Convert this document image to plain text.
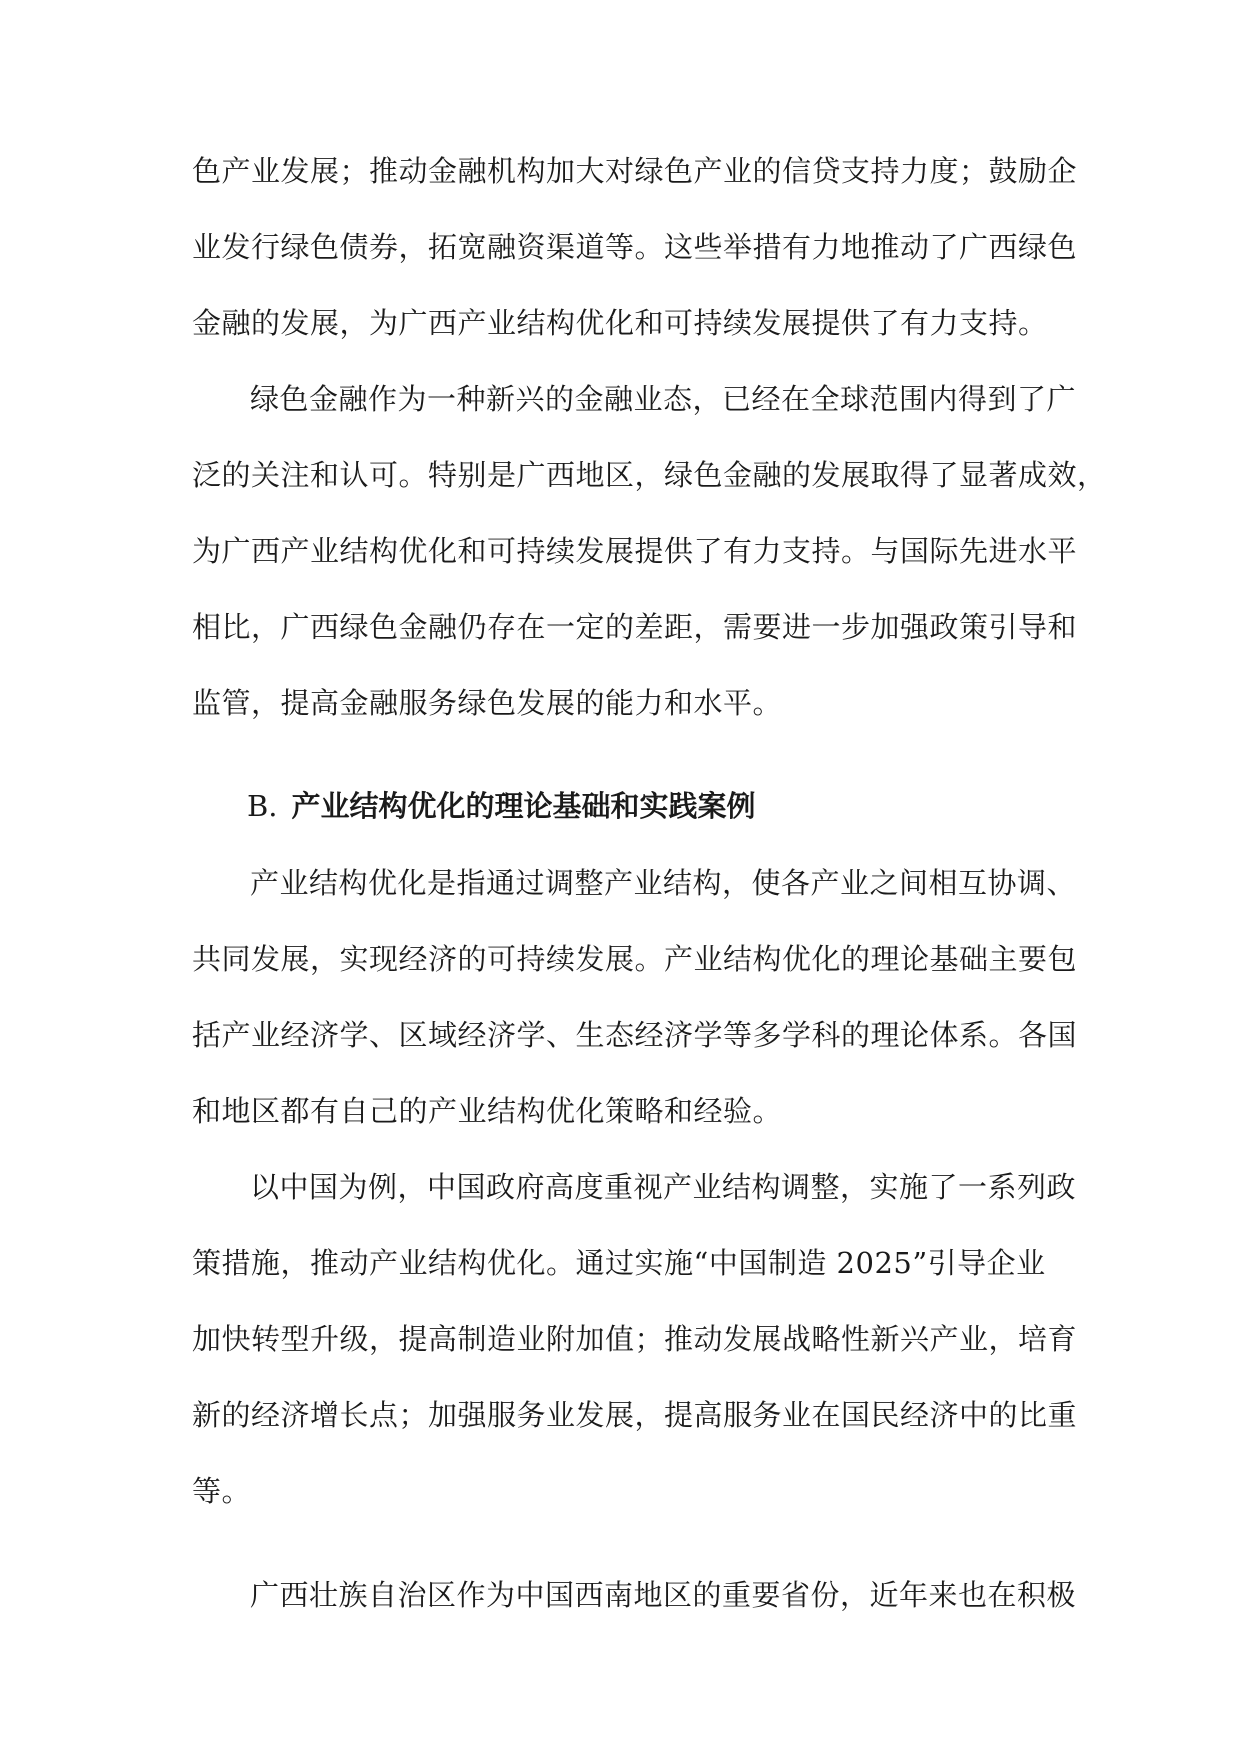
色产业发展；推动金融机构加大对绿色产业的信贷支持力度；鼓励企
业发行绿色债券，拓宽融资渠道等。这些举措有力地推动了广西绿色
金融的发展，为广西产业结构优化和可持续发展提供了有力支持。
绿色金融作为一种新兴的金融业态，已经在全球范围内得到了广
泛的关注和认可。特别是广西地区，绿色金融的发展取得了显著成效，
为广西产业结构优化和可持续发展提供了有力支持。与国际先进水平
相比，广西绿色金融仍存在一定的差距，需要进一步加强政策引导和
监管，提高金融服务绿色发展的能力和水平。
B. 产业结构优化的理论基础和实践案例
产业结构优化是指通过调整产业结构，使各产业之间相互协调、
共同发展，实现经济的可持续发展。产业结构优化的理论基础主要包
括产业经济学、区域经济学、生态经济学等多学科的理论体系。各国
和地区都有自己的产业结构优化策略和经验。
以中国为例，中国政府高度重视产业结构调整，实施了一系列政
策措施，推动产业结构优化。通过实施“中国制造 2025”引导企业
加快转型升级，提高制造业附加值；推动发展战略性新兴产业，培育
新的经济增长点；加强服务业发展，提高服务业在国民经济中的比重
等。
广西壮族自治区作为中国西南地区的重要省份，近年来也在积极
